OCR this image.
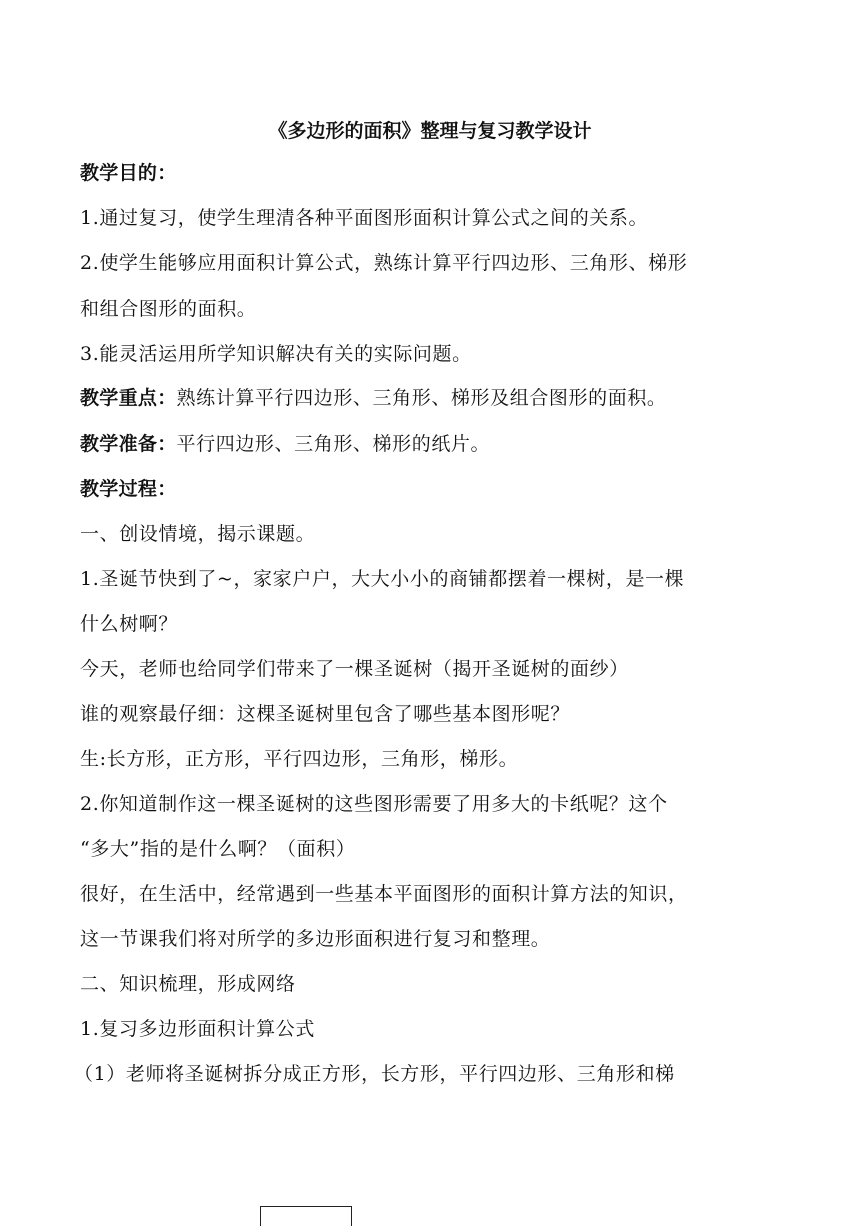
《多边形的面积》整理与复习教学设计
教学目的：
1.通过复习，使学生理清各种平面图形面积计算公式之间的关系。
2.使学生能够应用面积计算公式，熟练计算平行四边形、三角形、梯形
和组合图形的面积。
3.能灵活运用所学知识解决有关的实际问题。
教学重点：熟练计算平行四边形、三角形、梯形及组合图形的面积。
教学准备：平行四边形、三角形、梯形的纸片。
教学过程：
一、创设情境，揭示课题。
1.圣诞节快到了~，家家户户，大大小小的商铺都摆着一棵树，是一棵
什么树啊？
今天，老师也给同学们带来了一棵圣诞树（揭开圣诞树的面纱）
谁的观察最仔细：这棵圣诞树里包含了哪些基本图形呢？
生:长方形，正方形，平行四边形，三角形，梯形。
2.你知道制作这一棵圣诞树的这些图形需要了用多大的卡纸呢？这个
“多大”指的是什么啊？（面积）
很好，在生活中，经常遇到一些基本平面图形的面积计算方法的知识，
这一节课我们将对所学的多边形面积进行复习和整理。
二、知识梳理，形成网络
1.复习多边形面积计算公式
（1）老师将圣诞树拆分成正方形，长方形，平行四边形、三角形和梯
